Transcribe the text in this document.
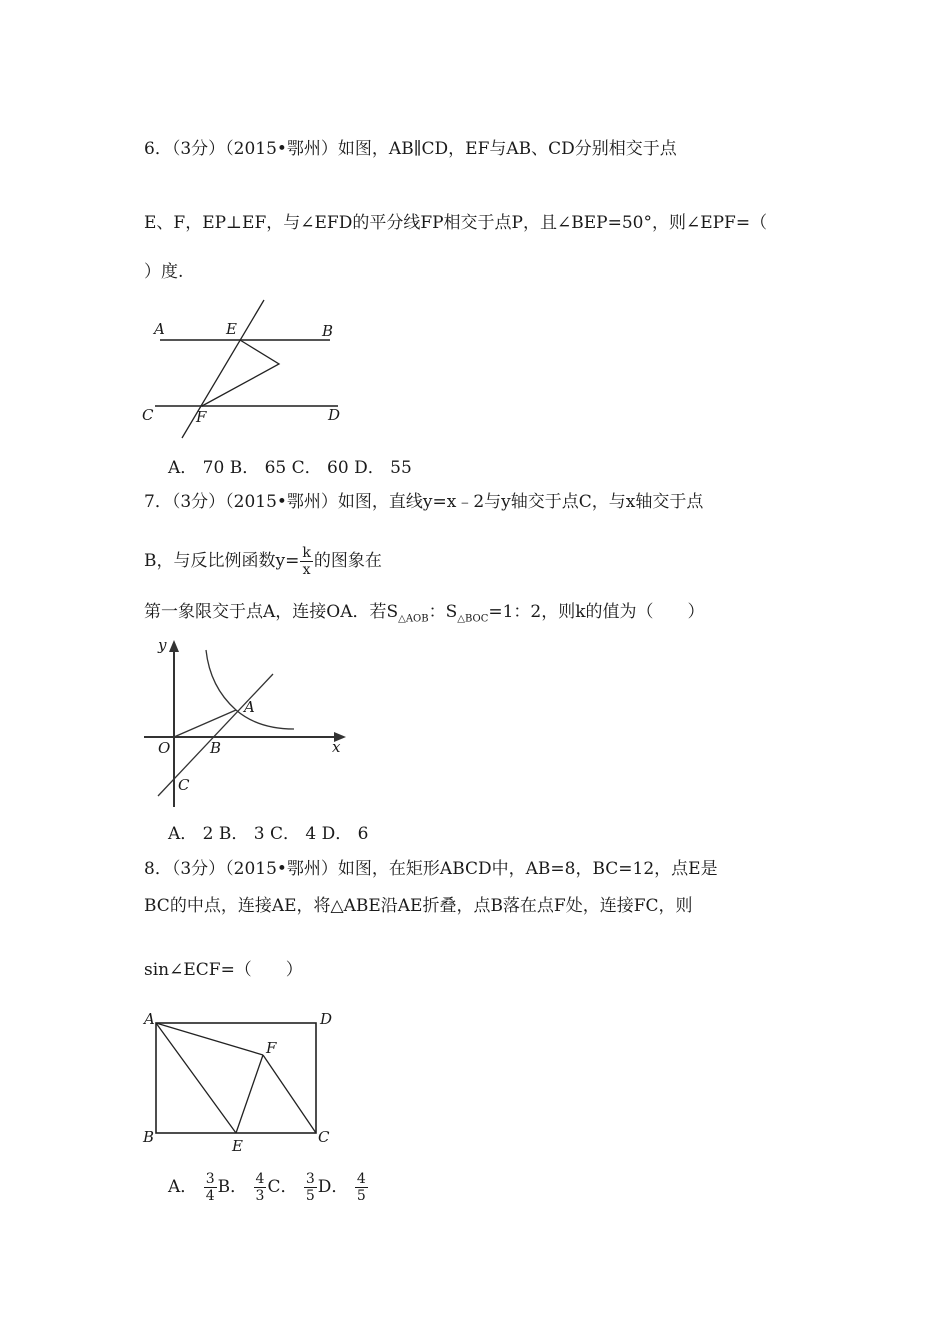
6．（3分）（2015•鄂州）如图，AB∥CD，EF与AB、CD分别相交于点
E、F，EP⊥EF，与∠EFD的平分线FP相交于点P，且∠BEP=50°，则∠EPF=（
）度.
A	E	B
C	F	D
A． 70 B． 65 C． 60 D． 55
7．（3分）（2015•鄂州）如图，直线y=x﹣2与y轴交于点C，与x轴交于点
B，与反比例函数$y= \frac{k}{x}$ 的图象在
第一象限交于点A，连接OA．若$S_{\triangle AOB}$：$S_{\triangle BOC}=1$：2，则k的值为（　　）
y
x
O	B
C
A
A． 2 B． 3 C． 4 D． 6
8．（3分）（2015•鄂州）如图，在矩形ABCD中，AB=8，BC=12，点E是
BC的中点，连接AE，将△ABE沿AE折叠，点B落在点F处，连接FC，则
sin∠ECF=（　　）
A	D
F
B	E	C
A． $\frac{3}{4}$ B． $\frac{4}{3}$ C． $\frac{3}{5}$ D． $\frac{4}{5}$
